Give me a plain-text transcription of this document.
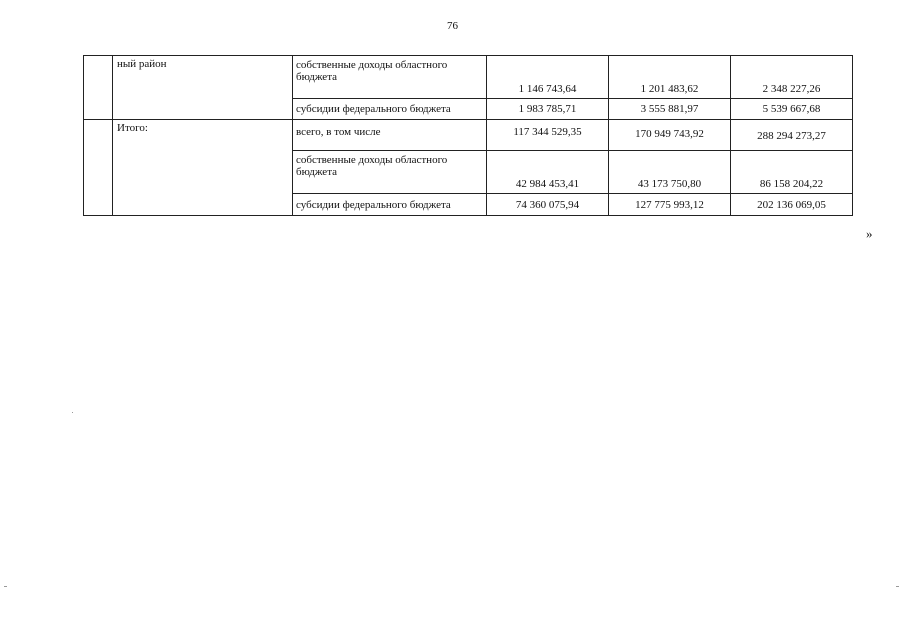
76
	ный район	собственные доходы областного бюджета	1 146 743,64	1 201 483,62	2 348 227,26
		субсидии федерального бюджета	1 983 785,71	3 555 881,97	5 539 667,68
	Итого:	всего, в том числе	117 344 529,35	170 949 743,92	288 294 273,27
		собственные доходы областного бюджета	42 984 453,41	43 173 750,80	86 158 204,22
		субсидии федерального бюджета	74 360 075,94	127 775 993,12	202 136 069,05
»
